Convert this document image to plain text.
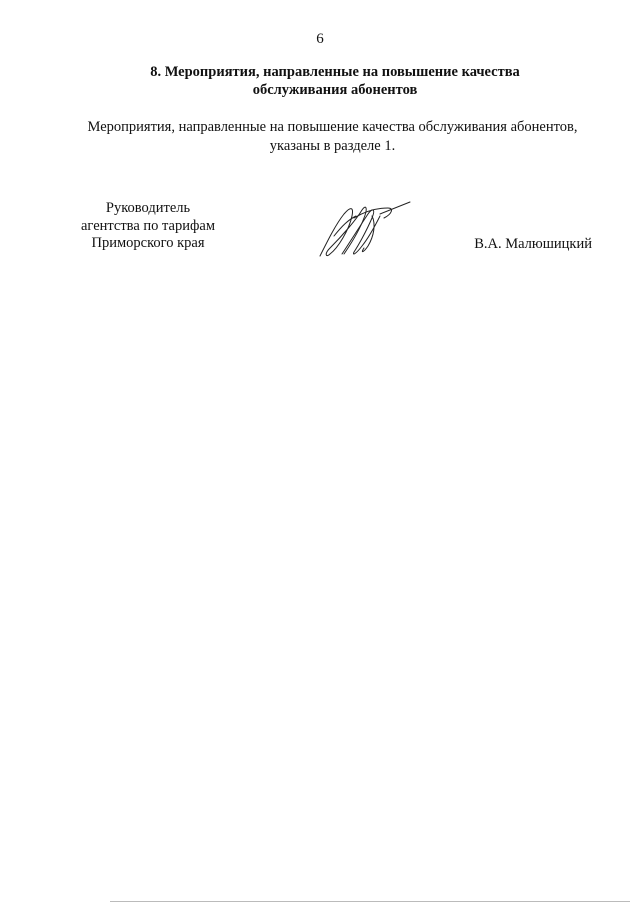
6
8. Мероприятия, направленные на повышение качества
обслуживания абонентов
Мероприятия, направленные на повышение качества обслуживания абонентов,
указаны в разделе 1.
Руководитель
агентства по тарифам
Приморского края	В.А. Малюшицкий
